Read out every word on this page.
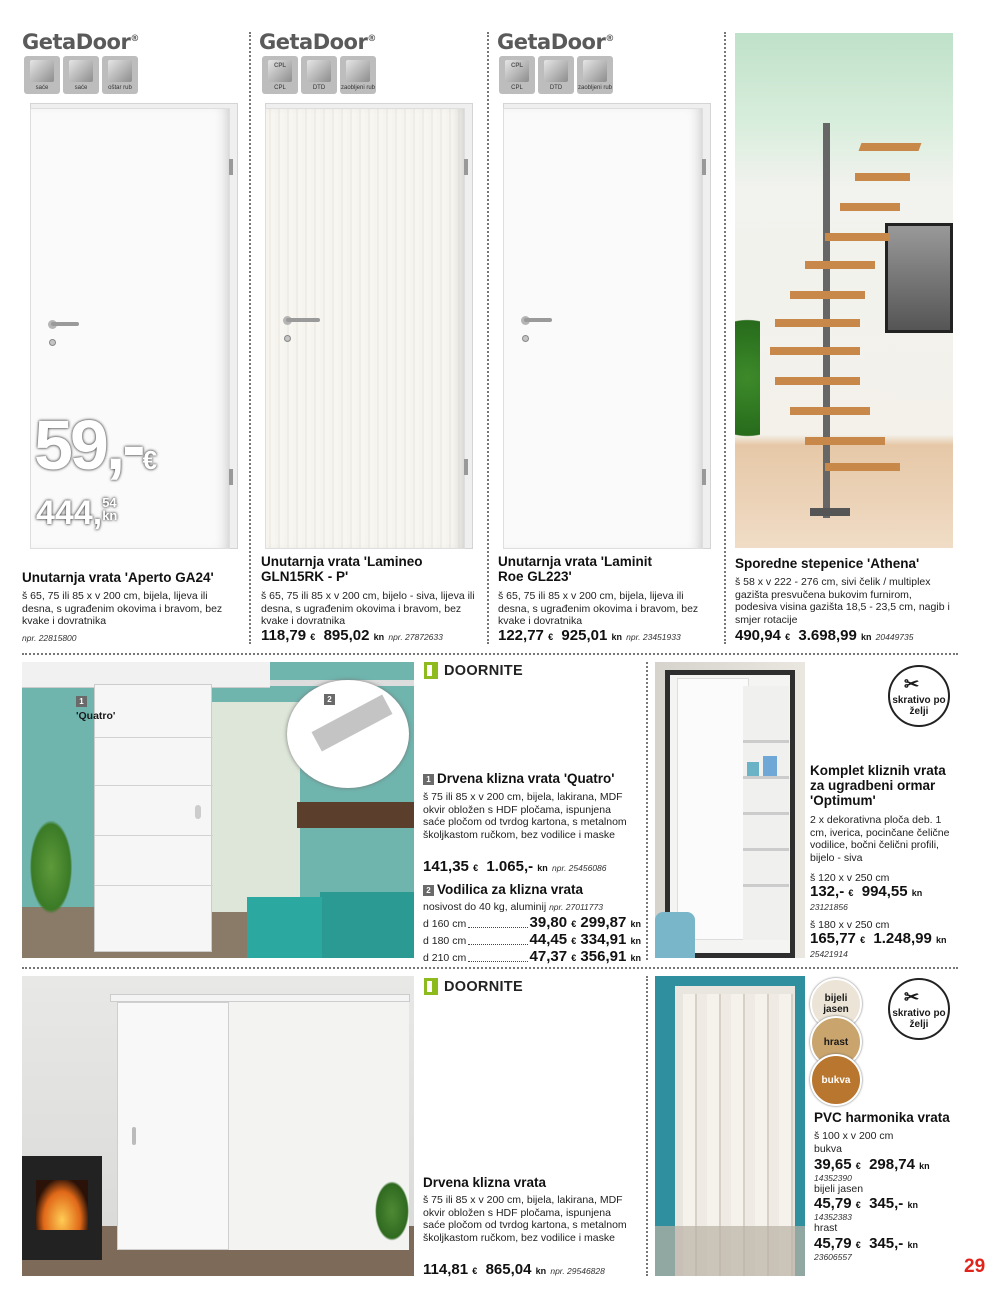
GetaDoor®
saće	saće	oštar rub
59,-€
444, 54
kn
Unutarnja vrata 'Aperto GA24'
š 65, 75 ili 85 x v 200 cm, bijela, lijeva ili desna, s ugrađenim okovima i bravom, bez kvake i dovratnika
npr. 22815800
GetaDoor®
CPL
CPL	DTD	zaobljeni rub
Unutarnja vrata 'Lamineo GLN15RK - P'
š 65, 75 ili 85 x v 200 cm, bijelo - siva, lijeva ili desna, s ugrađenim okovima i bravom, bez kvake i dovratnika
118,79 € 895,02 kn npr. 27872633
GetaDoor®
CPL
CPL	DTD	zaobljeni rub
Unutarnja vrata 'Laminit Roe GL223'
š 65, 75 ili 85 x v 200 cm, bijela, lijeva ili desna, s ugrađenim okovima i bravom, bez kvake i dovratnika
122,77 € 925,01 kn npr. 23451933
Sporedne stepenice 'Athena'
š 58 x v 222 - 276 cm, sivi čelik / multiplex gazišta presvučena bukovim furnirom, podesiva visina gazišta 18,5 - 23,5 cm, nagib i smjer rotacije
490,94 € 3.698,99 kn 20449735
1
'Quatro'
2
DOORNITE
1 Drvena klizna vrata 'Quatro'
š 75 ili 85 x v 200 cm, bijela, lakirana, MDF okvir obložen s HDF pločama, ispunjena saće pločom od tvrdog kartona, s metalnom školjkastom ručkom, bez vodilice i maske
141,35 € 1.065,- kn npr. 25456086
2 Vodilica za klizna vrata
nosivost do 40 kg, aluminij npr. 27011773
d 160 cm	39,80 € 299,87 kn
d 180 cm	44,45 € 334,91 kn
d 210 cm	47,37 € 356,91 kn
✂
skrativo po želji
Komplet kliznih vrata za ugradbeni ormar 'Optimum'
2 x dekorativna ploča deb. 1 cm, iverica, pocinčane čelične vodilice, bočni čelični profili, bijelo - siva
š 120 x v 250 cm
132,- € 994,55 kn
23121856
š 180 x v 250 cm
165,77 € 1.248,99 kn
25421914
DOORNITE
Drvena klizna vrata
š 75 ili 85 x v 200 cm, bijela, lakirana, MDF okvir obložen s HDF pločama, ispunjena saće pločom od tvrdog kartona, s metalnom školjkastom ručkom, bez vodilice i maske
114,81 € 865,04 kn npr. 29546828
bijeli jasen
hrast
bukva
✂
skrativo po želji
PVC harmonika vrata
š 100 x v 200 cm
bukva
39,65 € 298,74 kn
14352390
bijeli jasen
45,79 € 345,- kn
14352383
hrast
45,79 € 345,- kn
23606557	29
